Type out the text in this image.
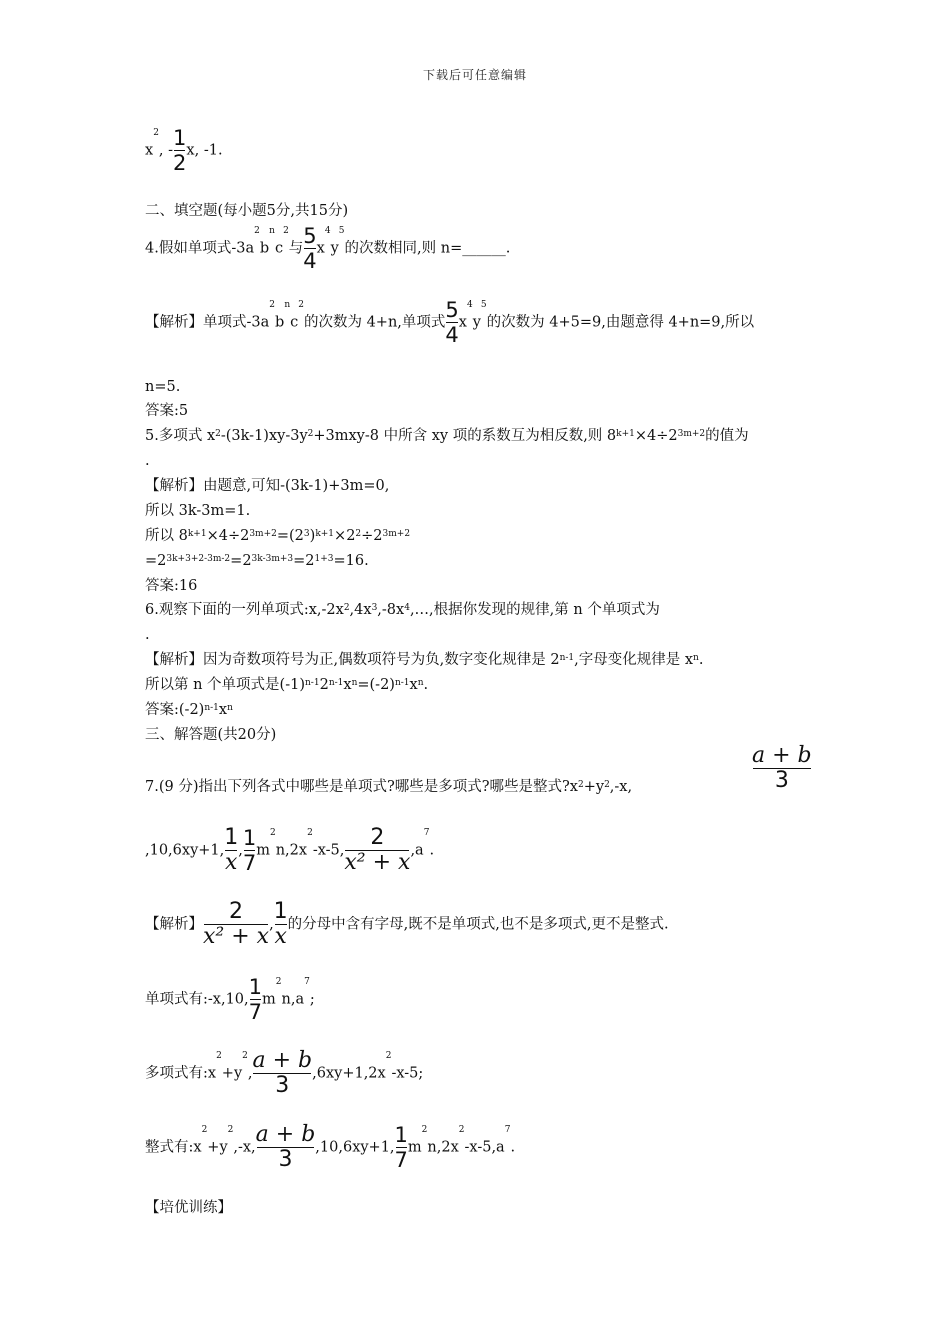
下载后可任意编辑
$x^2$, - $\frac{1}{2} x$, -1.
二、填空题(每小题5分,共15分)
4.假如单项式$-3a^2b^nc^2$与 $\frac{5}{4} x^4y^5$的次数相同,则 n=______.
【解析】单项式$-3a^2b^nc^2$的次数为 4+n,单项式 $\frac{5}{4} x^4y^5$的次数为 4+5=9,由题意得 4+n=9,所以
n=5.
答案:5
5.多项式 $x^2-(3k-1)xy-3y^2+3mxy-8$ 中所含 xy 项的系数互为相反数,则 $8^{k+1}\times 4\div 2^{3m+2}$的值为
.
【解析】由题意,可知-(3k-1)+3m=0,
所以 3k-3m=1.
所以 $8^{k+1}\times 4\div 2^{3m+2}=(2^3)^{k+1}\times 2^2\div 2^{3m+2}$
$=2^{3k+3+2-3m-2}=2^{3k-3m+3}=2^{1+3}=16$.
答案:16
6.观察下面的一列单项式$:x,-2x^2,4x^3,-8x^4,\dots$,根据你发现的规律,第 n 个单项式为
.
【解析】因为奇数项符号为正,偶数项符号为负,数字变化规律是 2$^{n-1}$,字母变化规律是 $x^n$.
所以第 n 个单项式是$(-1)^{n-1}2^{n-1}x^n=(-2)^{n-1}x^n$.
答案$:(-2)^{n-1}x^n$
三、解答题(共20分)
7.(9 分)指出下列各式中哪些是单项式?哪些是多项式?哪些是整式$?x^2+y^2,-x$,
a + b
3
,10,6xy+1, $\frac{1}{x}$ , $\frac{1}{7} m^2n,2x^2-x-5$, $\frac{2}{\text{x² + x}} ,a^7$.
【解析】 $\frac{2}{\text{x² + x}}$ , $\frac{1}{x}$ 的分母中含有字母,既不是单项式,也不是多项式,更不是整式.
单项式有:-x,10, $\frac{1}{7} m^2n,a^7$;
多项式有$:x^2+y^2$, $\frac{a + b}{3} ,6xy+1,2x^2-x-5$;
整式有$:x^2+y^2,-x$, $\frac{a + b}{3} ,10,6xy+1$, $\frac{1}{7} m^2n,2x^2-x-5,a^7$.
【培优训练】
